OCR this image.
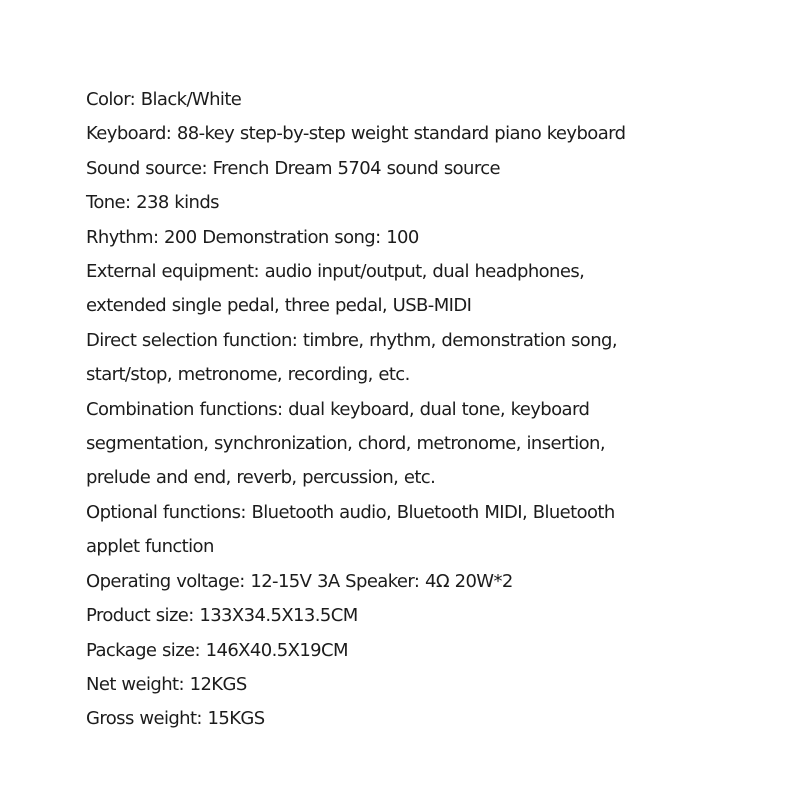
Color: Black/White
Keyboard: 88-key step-by-step weight standard piano keyboard
Sound source: French Dream 5704 sound source
Tone: 238 kinds
Rhythm: 200 Demonstration song: 100
External equipment: audio input/output, dual headphones,
extended single pedal, three pedal, USB-MIDI
Direct selection function: timbre, rhythm, demonstration song,
start/stop, metronome, recording, etc.
Combination functions: dual keyboard, dual tone, keyboard
segmentation, synchronization, chord, metronome, insertion,
prelude and end, reverb, percussion, etc.
Optional functions: Bluetooth audio, Bluetooth MIDI, Bluetooth
applet function
Operating voltage: 12-15V 3A Speaker: 4Ω 20W*2
Product size: 133X34.5X13.5CM
Package size: 146X40.5X19CM
Net weight: 12KGS
Gross weight: 15KGS
